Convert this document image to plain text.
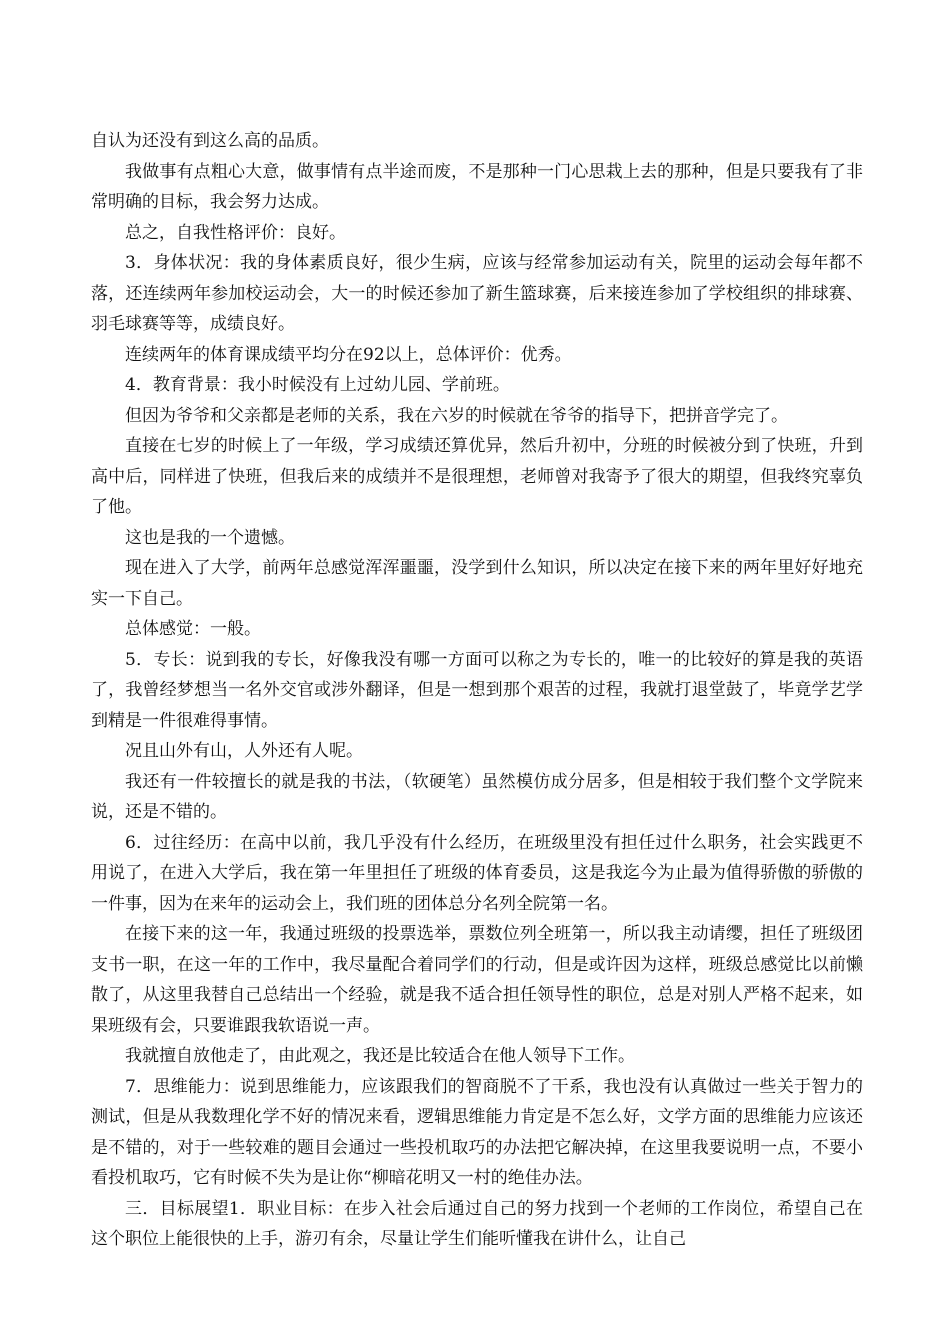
自认为还没有到这么高的品质。

我做事有点粗心大意，做事情有点半途而废，不是那种一门心思栽上去的那种，但是只要我有了非常明确的目标，我会努力达成。

总之，自我性格评价：良好。

3．身体状况：我的身体素质良好，很少生病，应该与经常参加运动有关，院里的运动会每年都不落，还连续两年参加校运动会，大一的时候还参加了新生篮球赛，后来接连参加了学校组织的排球赛、羽毛球赛等等，成绩良好。

连续两年的体育课成绩平均分在92以上，总体评价：优秀。

4．教育背景：我小时候没有上过幼儿园、学前班。

但因为爷爷和父亲都是老师的关系，我在六岁的时候就在爷爷的指导下，把拼音学完了。

直接在七岁的时候上了一年级，学习成绩还算优异，然后升初中，分班的时候被分到了快班，升到高中后，同样进了快班，但我后来的成绩并不是很理想，老师曾对我寄予了很大的期望，但我终究辜负了他。

这也是我的一个遗憾。

现在进入了大学，前两年总感觉浑浑噩噩，没学到什么知识，所以决定在接下来的两年里好好地充实一下自己。

总体感觉：一般。

5．专长：说到我的专长，好像我没有哪一方面可以称之为专长的，唯一的比较好的算是我的英语了，我曾经梦想当一名外交官或涉外翻译，但是一想到那个艰苦的过程，我就打退堂鼓了，毕竟学艺学到精是一件很难得事情。

况且山外有山，人外还有人呢。

我还有一件较擅长的就是我的书法，（软硬笔）虽然模仿成分居多，但是相较于我们整个文学院来说，还是不错的。

6．过往经历：在高中以前，我几乎没有什么经历，在班级里没有担任过什么职务，社会实践更不用说了，在进入大学后，我在第一年里担任了班级的体育委员，这是我迄今为止最为值得骄傲的骄傲的一件事，因为在来年的运动会上，我们班的团体总分名列全院第一名。

在接下来的这一年，我通过班级的投票选举，票数位列全班第一，所以我主动请缨，担任了班级团支书一职，在这一年的工作中，我尽量配合着同学们的行动，但是或许因为这样，班级总感觉比以前懒散了，从这里我替自己总结出一个经验，就是我不适合担任领导性的职位，总是对别人严格不起来，如果班级有会，只要谁跟我软语说一声。

我就擅自放他走了，由此观之，我还是比较适合在他人领导下工作。

7．思维能力：说到思维能力，应该跟我们的智商脱不了干系，我也没有认真做过一些关于智力的测试，但是从我数理化学不好的情况来看，逻辑思维能力肯定是不怎么好，文学方面的思维能力应该还是不错的，对于一些较难的题目会通过一些投机取巧的办法把它解决掉，在这里我要说明一点，不要小看投机取巧，它有时候不失为是让你“柳暗花明又一村的绝佳办法。

三．目标展望1．职业目标：在步入社会后通过自己的努力找到一个老师的工作岗位，希望自己在这个职位上能很快的上手，游刃有余，尽量让学生们能听懂我在讲什么，让自己
